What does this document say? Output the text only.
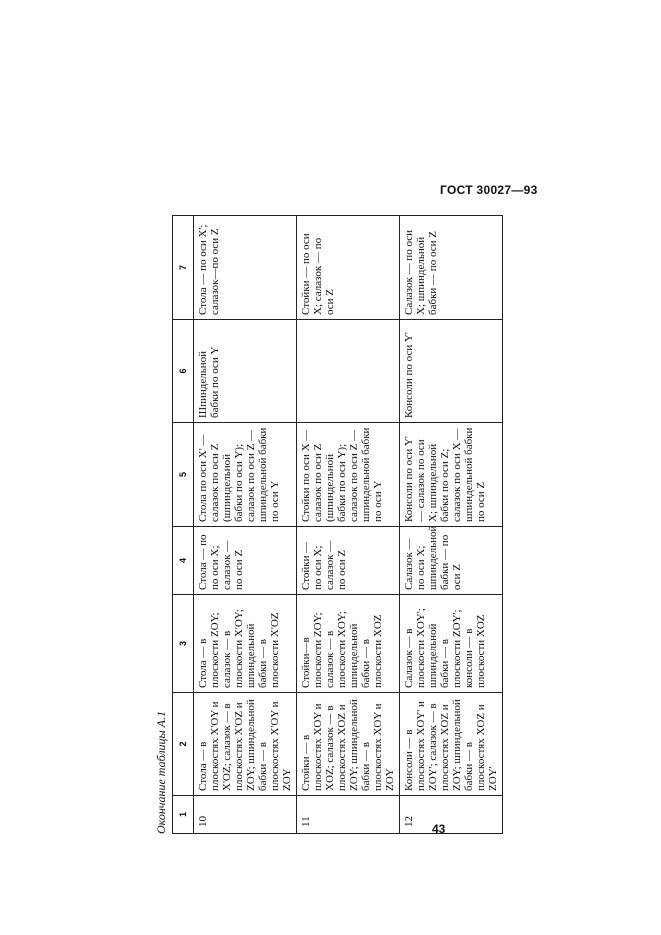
ГОСТ 30027—93
Окончание таблицы А.1 1	2	3	4	5	6	7
10	Стола — в плоскостях X'OY и X'OZ; салазок — в плоскостях X'OZ и ZOY; шпиндельной бабки — в плоскостях X'OY и ZOY	Стола — в плоскости ZOY; салазок — в плоскости X'OY; шпиндельной бабки — в плоскости X'OZ	Стола — по по оси X; салазок — по оси Z	Стола по оси X' — салазок по оси Z (шпиндельной бабки по оси Y); салазок по оси Z — шпиндельной бабки по оси Y	Шпиндельной бабки по оси Y	Стола — по оси X'; салазок—по оси Z
11	Стойки — в плоскостях XOY и XOZ; салазок — в плоскостях XOZ и ZOY; шпиндельной бабки — в плоскостях XOY и ZOY	Стойки—в плоскости ZOY; салазок — в плоскости XOY; шпиндельной бабки — в плоскости XOZ	Стойки — по оси X; салазок — по оси Z	Стойки по оси X — салазок по оси Z (шпиндельной бабки по оси Y); салазок по оси Z — шпиндельной бабки по оси Y		Стойки — по оси X; салазок — по оси Z
12	Консоли — в плоскостях XOY' и ZOY'; салазок — в плоскостях XOZ и ZOY; шпиндельной бабки — в плоскостях XOZ и ZOY'	Салазок — в плоскости XOY'; шпиндельной бабки — в плоскости ZOY'; консоли — в плоскости XOZ	Салазок — по оси X; шпиндельной бабки — по оси Z	Консоли по оси Y' — салазок по оси X; шпиндельной бабки по оси Z; салазок по оси X — шпиндельной бабки по оси Z	Консоли по оси Y'	Салазок — по оси X; шпиндельной бабки — по оси Z
43
